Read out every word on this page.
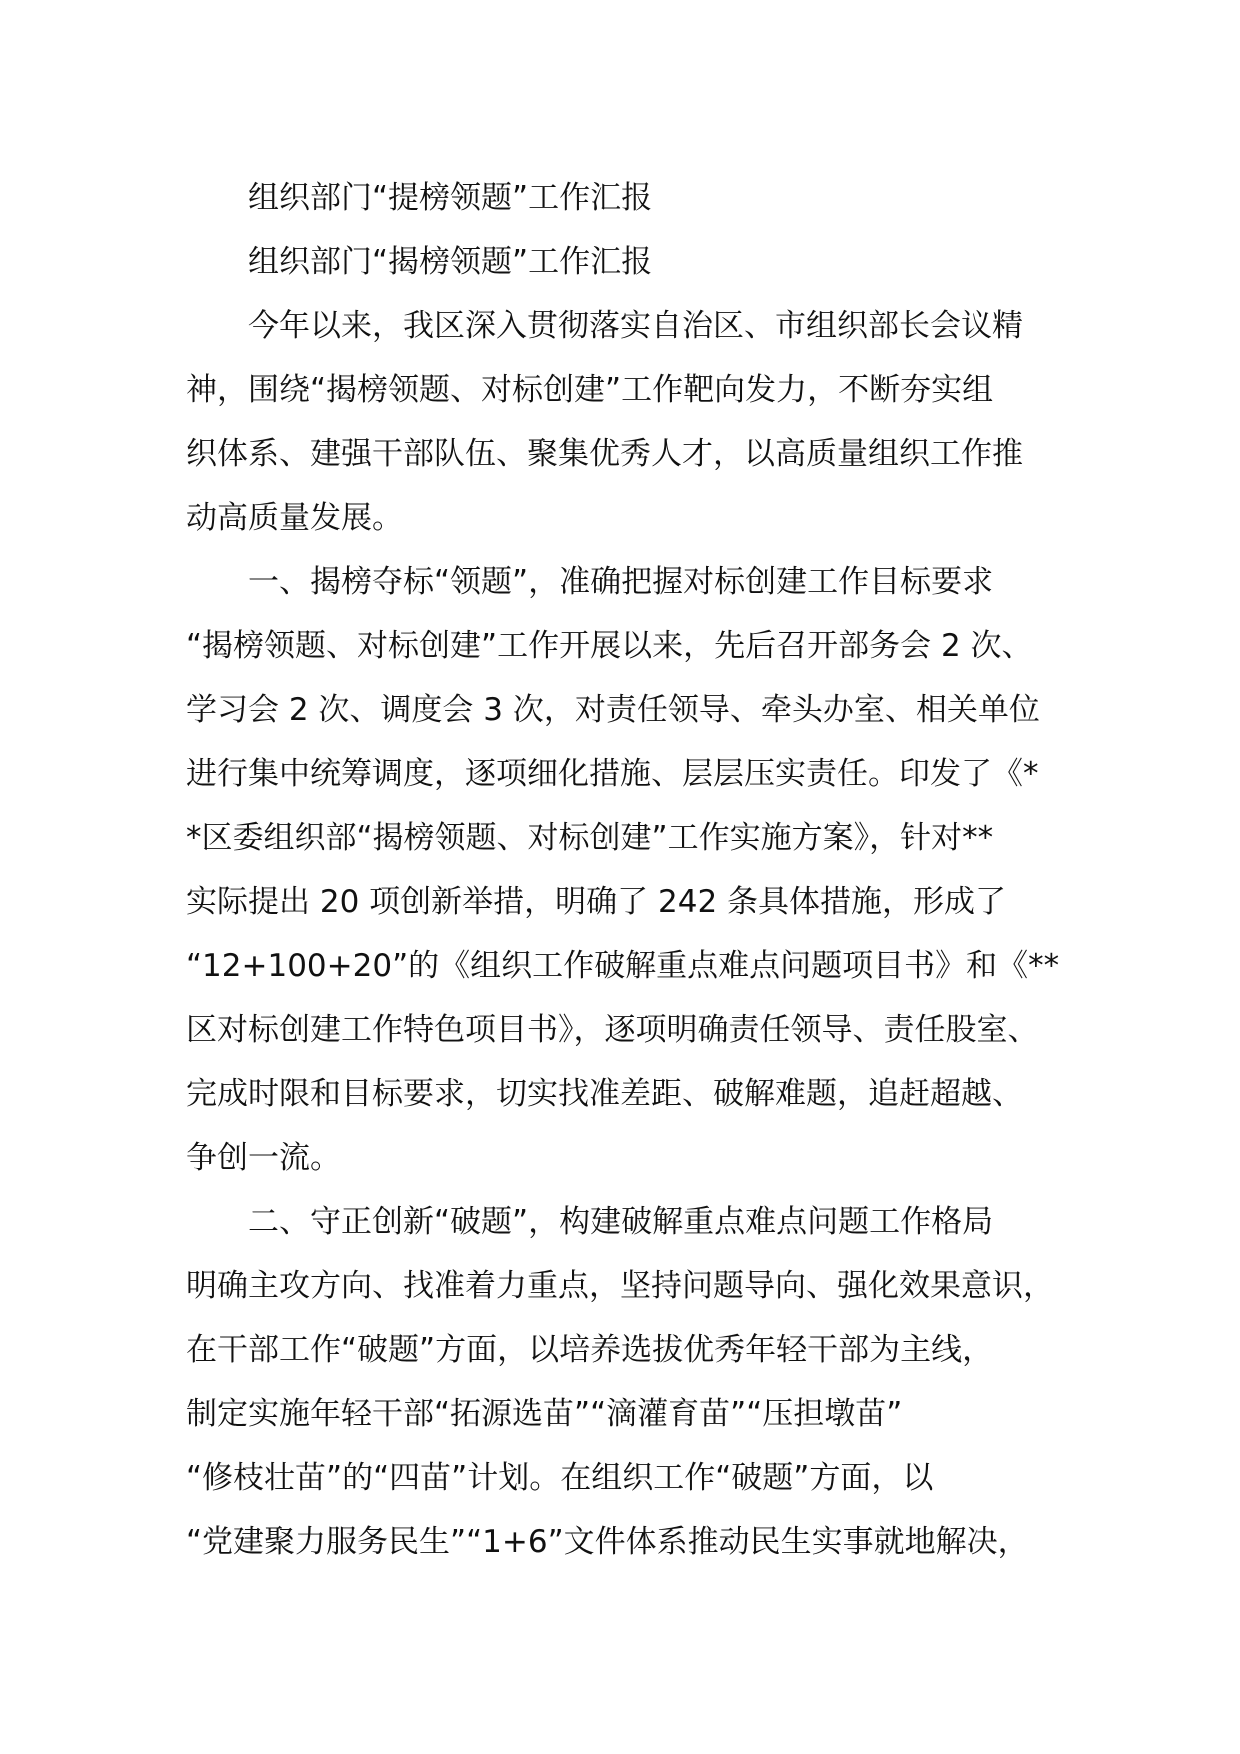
组织部门“提榜领题”工作汇报
组织部门“揭榜领题”工作汇报
今年以来，我区深入贯彻落实自治区、市组织部长会议精
神，围绕“揭榜领题、对标创建”工作靶向发力，不断夯实组
织体系、建强干部队伍、聚集优秀人才，以高质量组织工作推
动高质量发展。
一、揭榜夺标“领题”，准确把握对标创建工作目标要求
“揭榜领题、对标创建”工作开展以来，先后召开部务会 2 次、
学习会 2 次、调度会 3 次，对责任领导、牵头办室、相关单位
进行集中统筹调度，逐项细化措施、层层压实责任。印发了《*
*区委组织部“揭榜领题、对标创建”工作实施方案》，针对**
实际提出 20 项创新举措，明确了 242 条具体措施，形成了
“12+100+20”的《组织工作破解重点难点问题项目书》和《**
区对标创建工作特色项目书》，逐项明确责任领导、责任股室、
完成时限和目标要求，切实找准差距、破解难题，追赶超越、
争创一流。
二、守正创新“破题”，构建破解重点难点问题工作格局
明确主攻方向、找准着力重点，坚持问题导向、强化效果意识，
在干部工作“破题”方面，以培养选拔优秀年轻干部为主线，
制定实施年轻干部“拓源选苗”“滴灌育苗”“压担墩苗”
“修枝壮苗”的“四苗”计划。在组织工作“破题”方面，以
“党建聚力服务民生”“1+6”文件体系推动民生实事就地解决，
